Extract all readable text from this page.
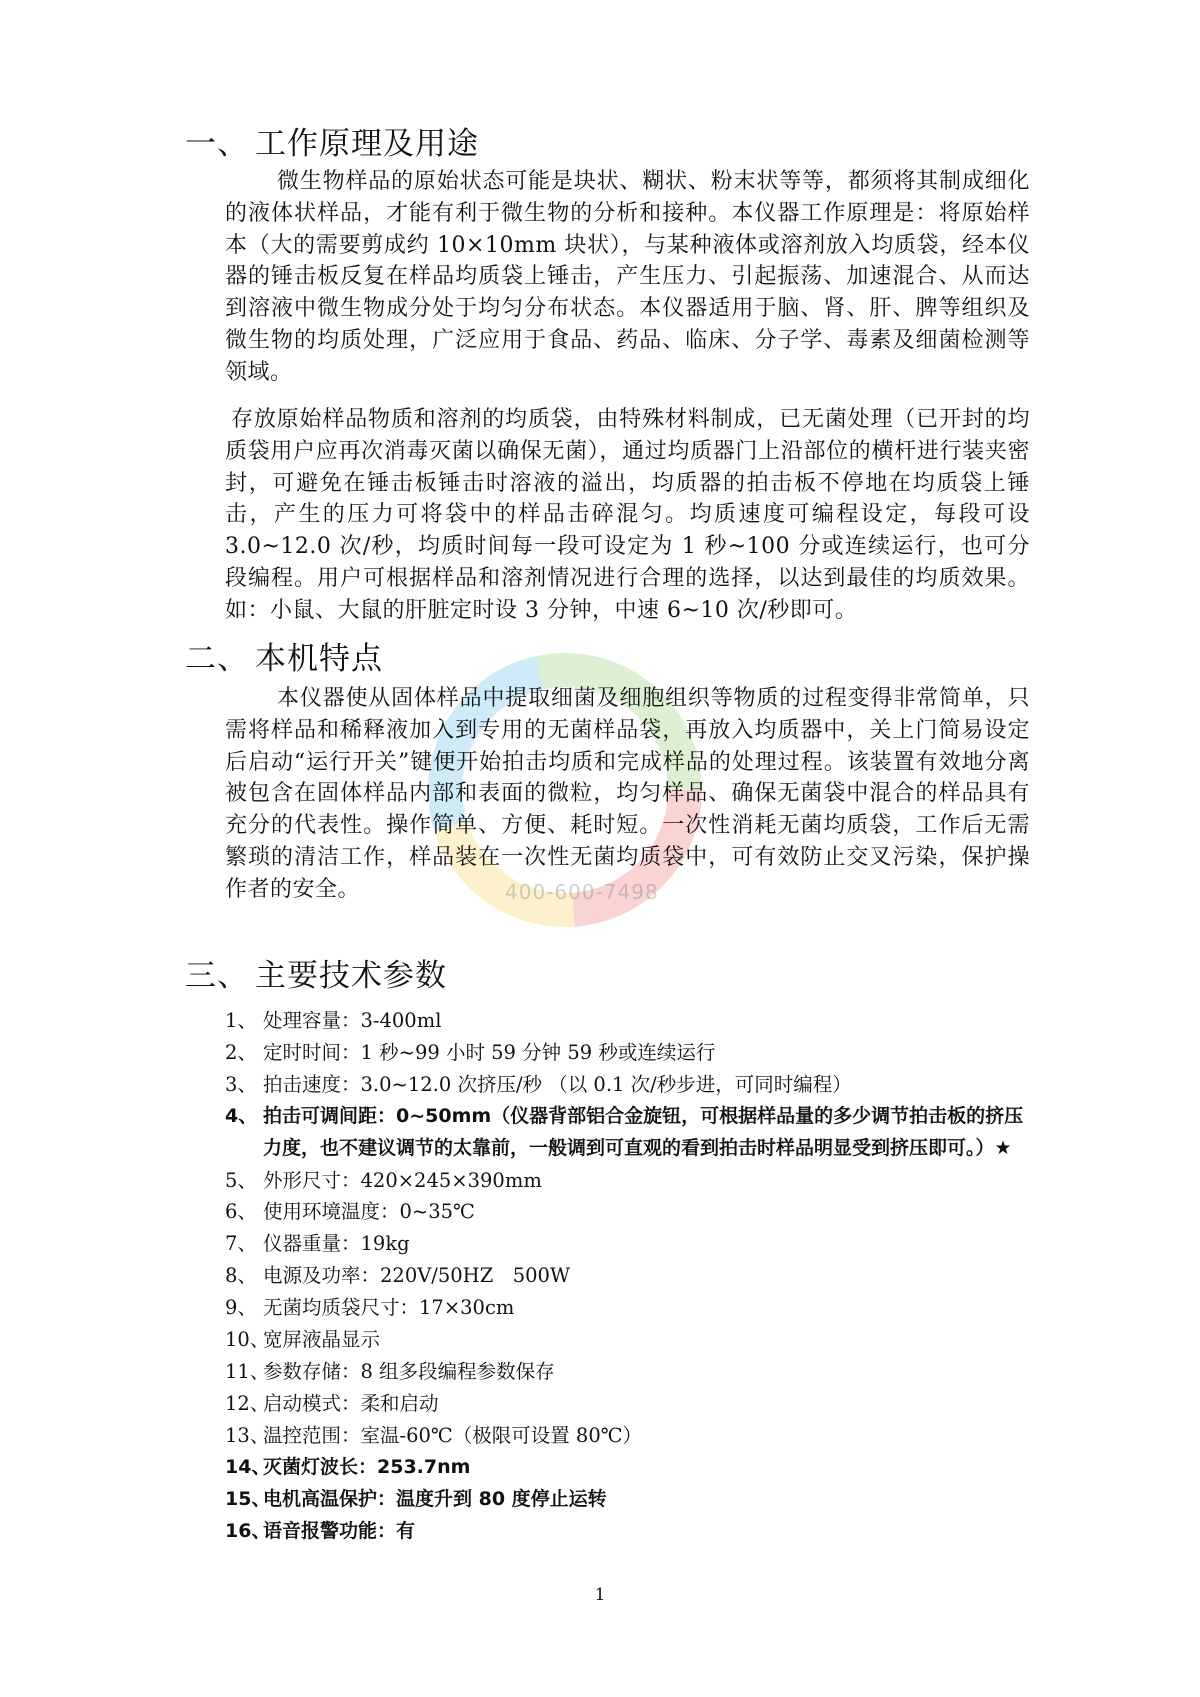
400-600-7498
一、 工作原理及用途

微生物样品的原始状态可能是块状、糊状、粉末状等等，都须将其制成细化的液体状样品，才能有利于微生物的分析和接种。本仪器工作原理是：将原始样本（大的需要剪成约 10×10mm 块状），与某种液体或溶剂放入均质袋，经本仪器的锤击板反复在样品均质袋上锤击，产生压力、引起振荡、加速混合、从而达到溶液中微生物成分处于均匀分布状态。本仪器适用于脑、肾、肝、脾等组织及微生物的均质处理，广泛应用于食品、药品、临床、分子学、毒素及细菌检测等领域。

存放原始样品物质和溶剂的均质袋，由特殊材料制成，已无菌处理（已开封的均质袋用户应再次消毒灭菌以确保无菌），通过均质器门上沿部位的横杆进行装夹密封，可避免在锤击板锤击时溶液的溢出，均质器的拍击板不停地在均质袋上锤击，产生的压力可将袋中的样品击碎混匀。均质速度可编程设定，每段可设 3.0~12.0 次/秒，均质时间每一段可设定为 1 秒~100 分或连续运行，也可分段编程。用户可根据样品和溶剂情况进行合理的选择，以达到最佳的均质效果。如：小鼠、大鼠的肝脏定时设 3 分钟，中速 6~10 次/秒即可。

二、 本机特点

本仪器使从固体样品中提取细菌及细胞组织等物质的过程变得非常简单，只需将样品和稀释液加入到专用的无菌样品袋，再放入均质器中，关上门简易设定后启动“运行开关”键便开始拍击均质和完成样品的处理过程。该装置有效地分离被包含在固体样品内部和表面的微粒，均匀样品、确保无菌袋中混合的样品具有充分的代表性。操作简单、方便、耗时短。一次性消耗无菌均质袋，工作后无需繁琐的清洁工作，样品装在一次性无菌均质袋中，可有效防止交叉污染，保护操作者的安全。

三、 主要技术参数
1、 处理容量：3-400ml
2、 定时时间：1 秒~99 小时 59 分钟 59 秒或连续运行
3、 拍击速度：3.0~12.0 次挤压/秒 （以 0.1 次/秒步进，可同时编程）
4、 拍击可调间距：0~50mm（仪器背部铝合金旋钮，可根据样品量的多少调节拍击板的挤压力度，也不建议调节的太靠前，一般调到可直观的看到拍击时样品明显受到挤压即可。）★
5、 外形尺寸：420×245×390mm
6、 使用环境温度：0~35℃
7、 仪器重量：19kg
8、 电源及功率：220V/50HZ　500W
9、 无菌均质袋尺寸：17×30cm
10、
宽屏液晶显示
11、
参数存储：8 组多段编程参数保存
12、
启动模式：柔和启动
13、
温控范围：室温-60℃（极限可设置 80℃）
14、
灭菌灯波长：253.7nm
15、
电机高温保护：温度升到 80 度停止运转
16、
语音报警功能：有
1
